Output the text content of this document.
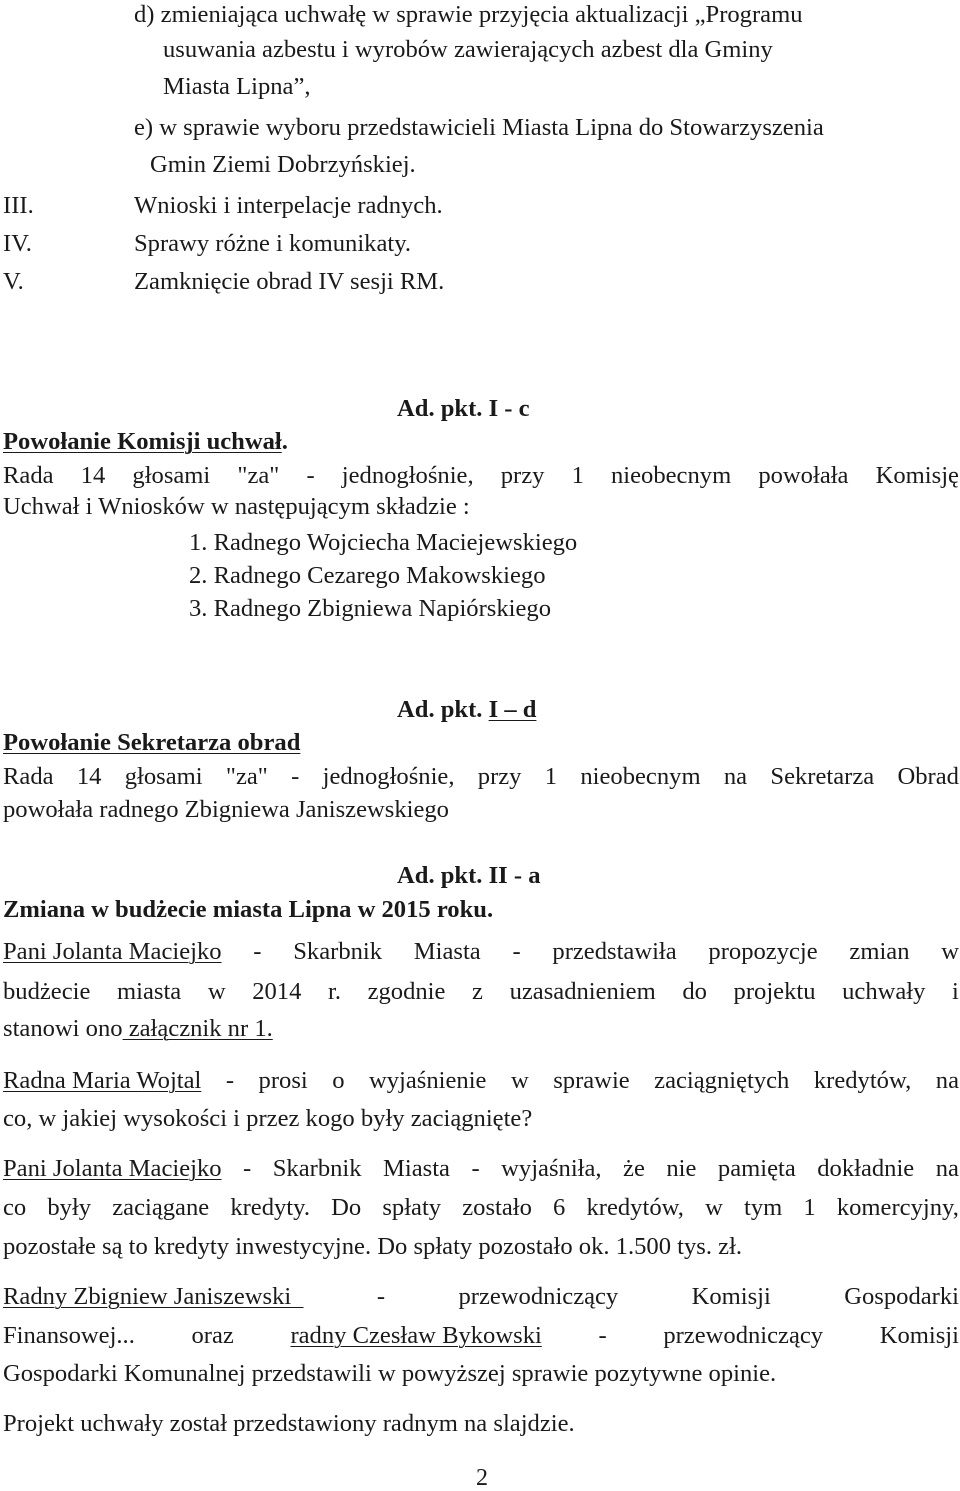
d) zmieniająca uchwałę w sprawie przyjęcia aktualizacji „Programu
usuwania azbestu i wyrobów zawierających azbest dla Gminy
Miasta Lipna”,
e) w sprawie wyboru przedstawicieli Miasta Lipna do Stowarzyszenia
Gmin Ziemi Dobrzyńskiej.
III.	Wnioski i interpelacje radnych.
IV.	Sprawy różne i komunikaty.
V.	Zamknięcie obrad IV sesji RM.
Ad. pkt. I - c
Powołanie Komisji uchwał.
Rada 14 głosami "za" - jednogłośnie, przy 1 nieobecnym powołała Komisję
Uchwał i Wniosków w następującym składzie :
1. Radnego Wojciecha Maciejewskiego
2. Radnego Cezarego Makowskiego
3. Radnego Zbigniewa Napiórskiego
Ad. pkt. I – d
Powołanie Sekretarza obrad
Rada 14 głosami "za" - jednogłośnie, przy 1 nieobecnym na Sekretarza Obrad
powołała radnego Zbigniewa Janiszewskiego
Ad. pkt. II - a
Zmiana w budżecie miasta Lipna w 2015 roku.
Pani Jolanta Maciejko - Skarbnik Miasta - przedstawiła propozycje zmian w
budżecie miasta w 2014 r. zgodnie z uzasadnieniem do projektu uchwały i
stanowi ono załącznik nr 1.
Radna Maria Wojtal - prosi o wyjaśnienie w sprawie zaciągniętych kredytów, na
co, w jakiej wysokości i przez kogo były zaciągnięte?
Pani Jolanta Maciejko - Skarbnik Miasta - wyjaśniła, że nie pamięta dokładnie na
co były zaciągane kredyty. Do spłaty zostało 6 kredytów, w tym 1 komercyjny,
pozostałe są to kredyty inwestycyjne. Do spłaty pozostało ok. 1.500 tys. zł.
Radny Zbigniew Janiszewski	-	przewodniczący	Komisji	Gospodarki
Finansowej... oraz radny Czesław Bykowski - przewodniczący Komisji
Gospodarki Komunalnej przedstawili w powyższej sprawie pozytywne opinie.
Projekt uchwały został przedstawiony radnym na slajdzie.
2
